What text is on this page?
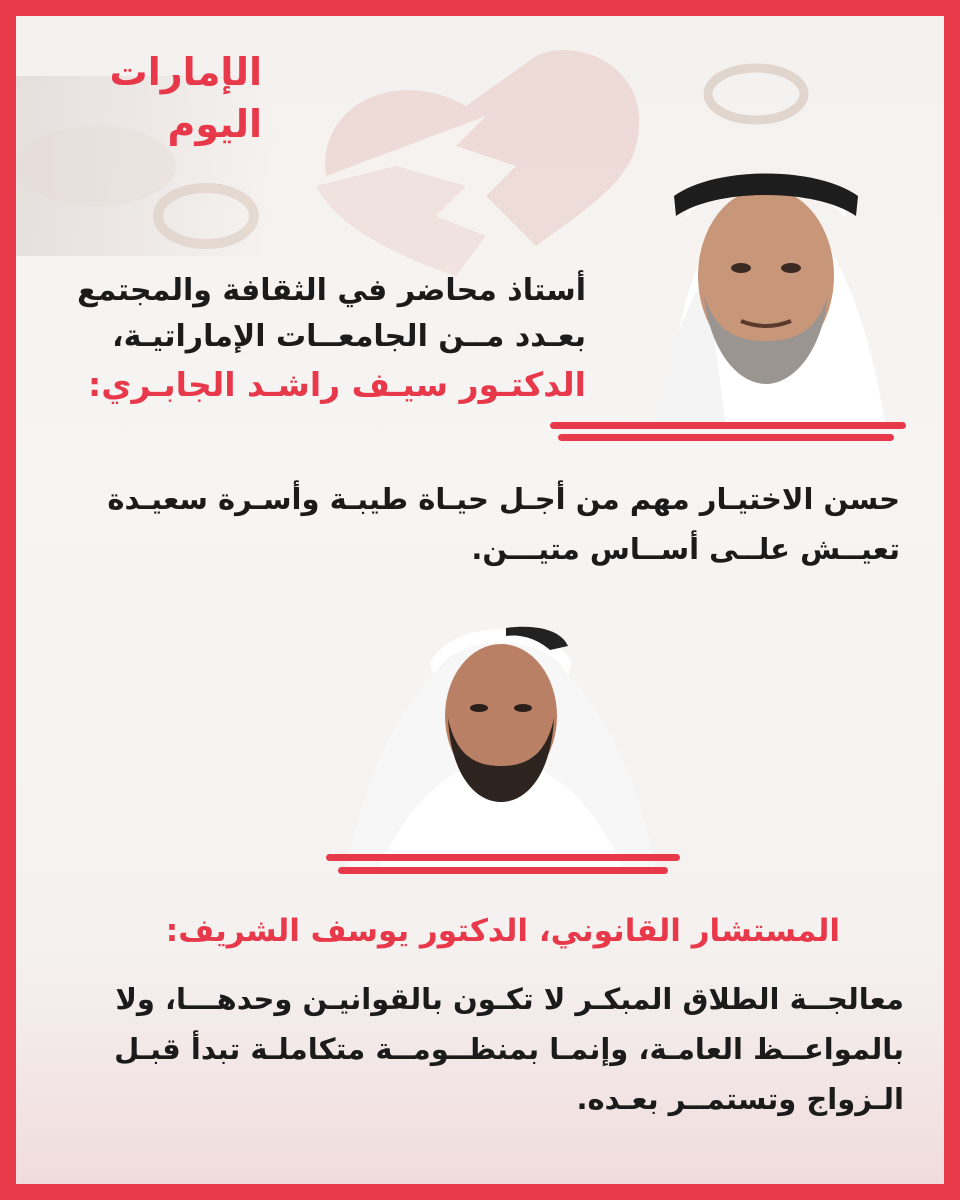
الإمارات اليوم
أستاذ محاضر في الثقافة والمجتمع
بعـدد مــن الجامعــات الإماراتيـة،
الدكتـور سيـف راشـد الجابـري:
حسن الاختيـار مهم من أجـل حيـاة طيبـة وأسـرة سعيـدة
تعيــش علــى أســاس متيـــن.
المستشار القانوني، الدكتور يوسف الشريف:
معالجــة الطلاق المبكـر لا تكـون بالقوانيـن وحدهـــا، ولا
بالمواعــظ العامـة، وإنمـا بمنظــومــة متكاملـة تبدأ قبـل
الـزواج وتستمــر بعـده.
